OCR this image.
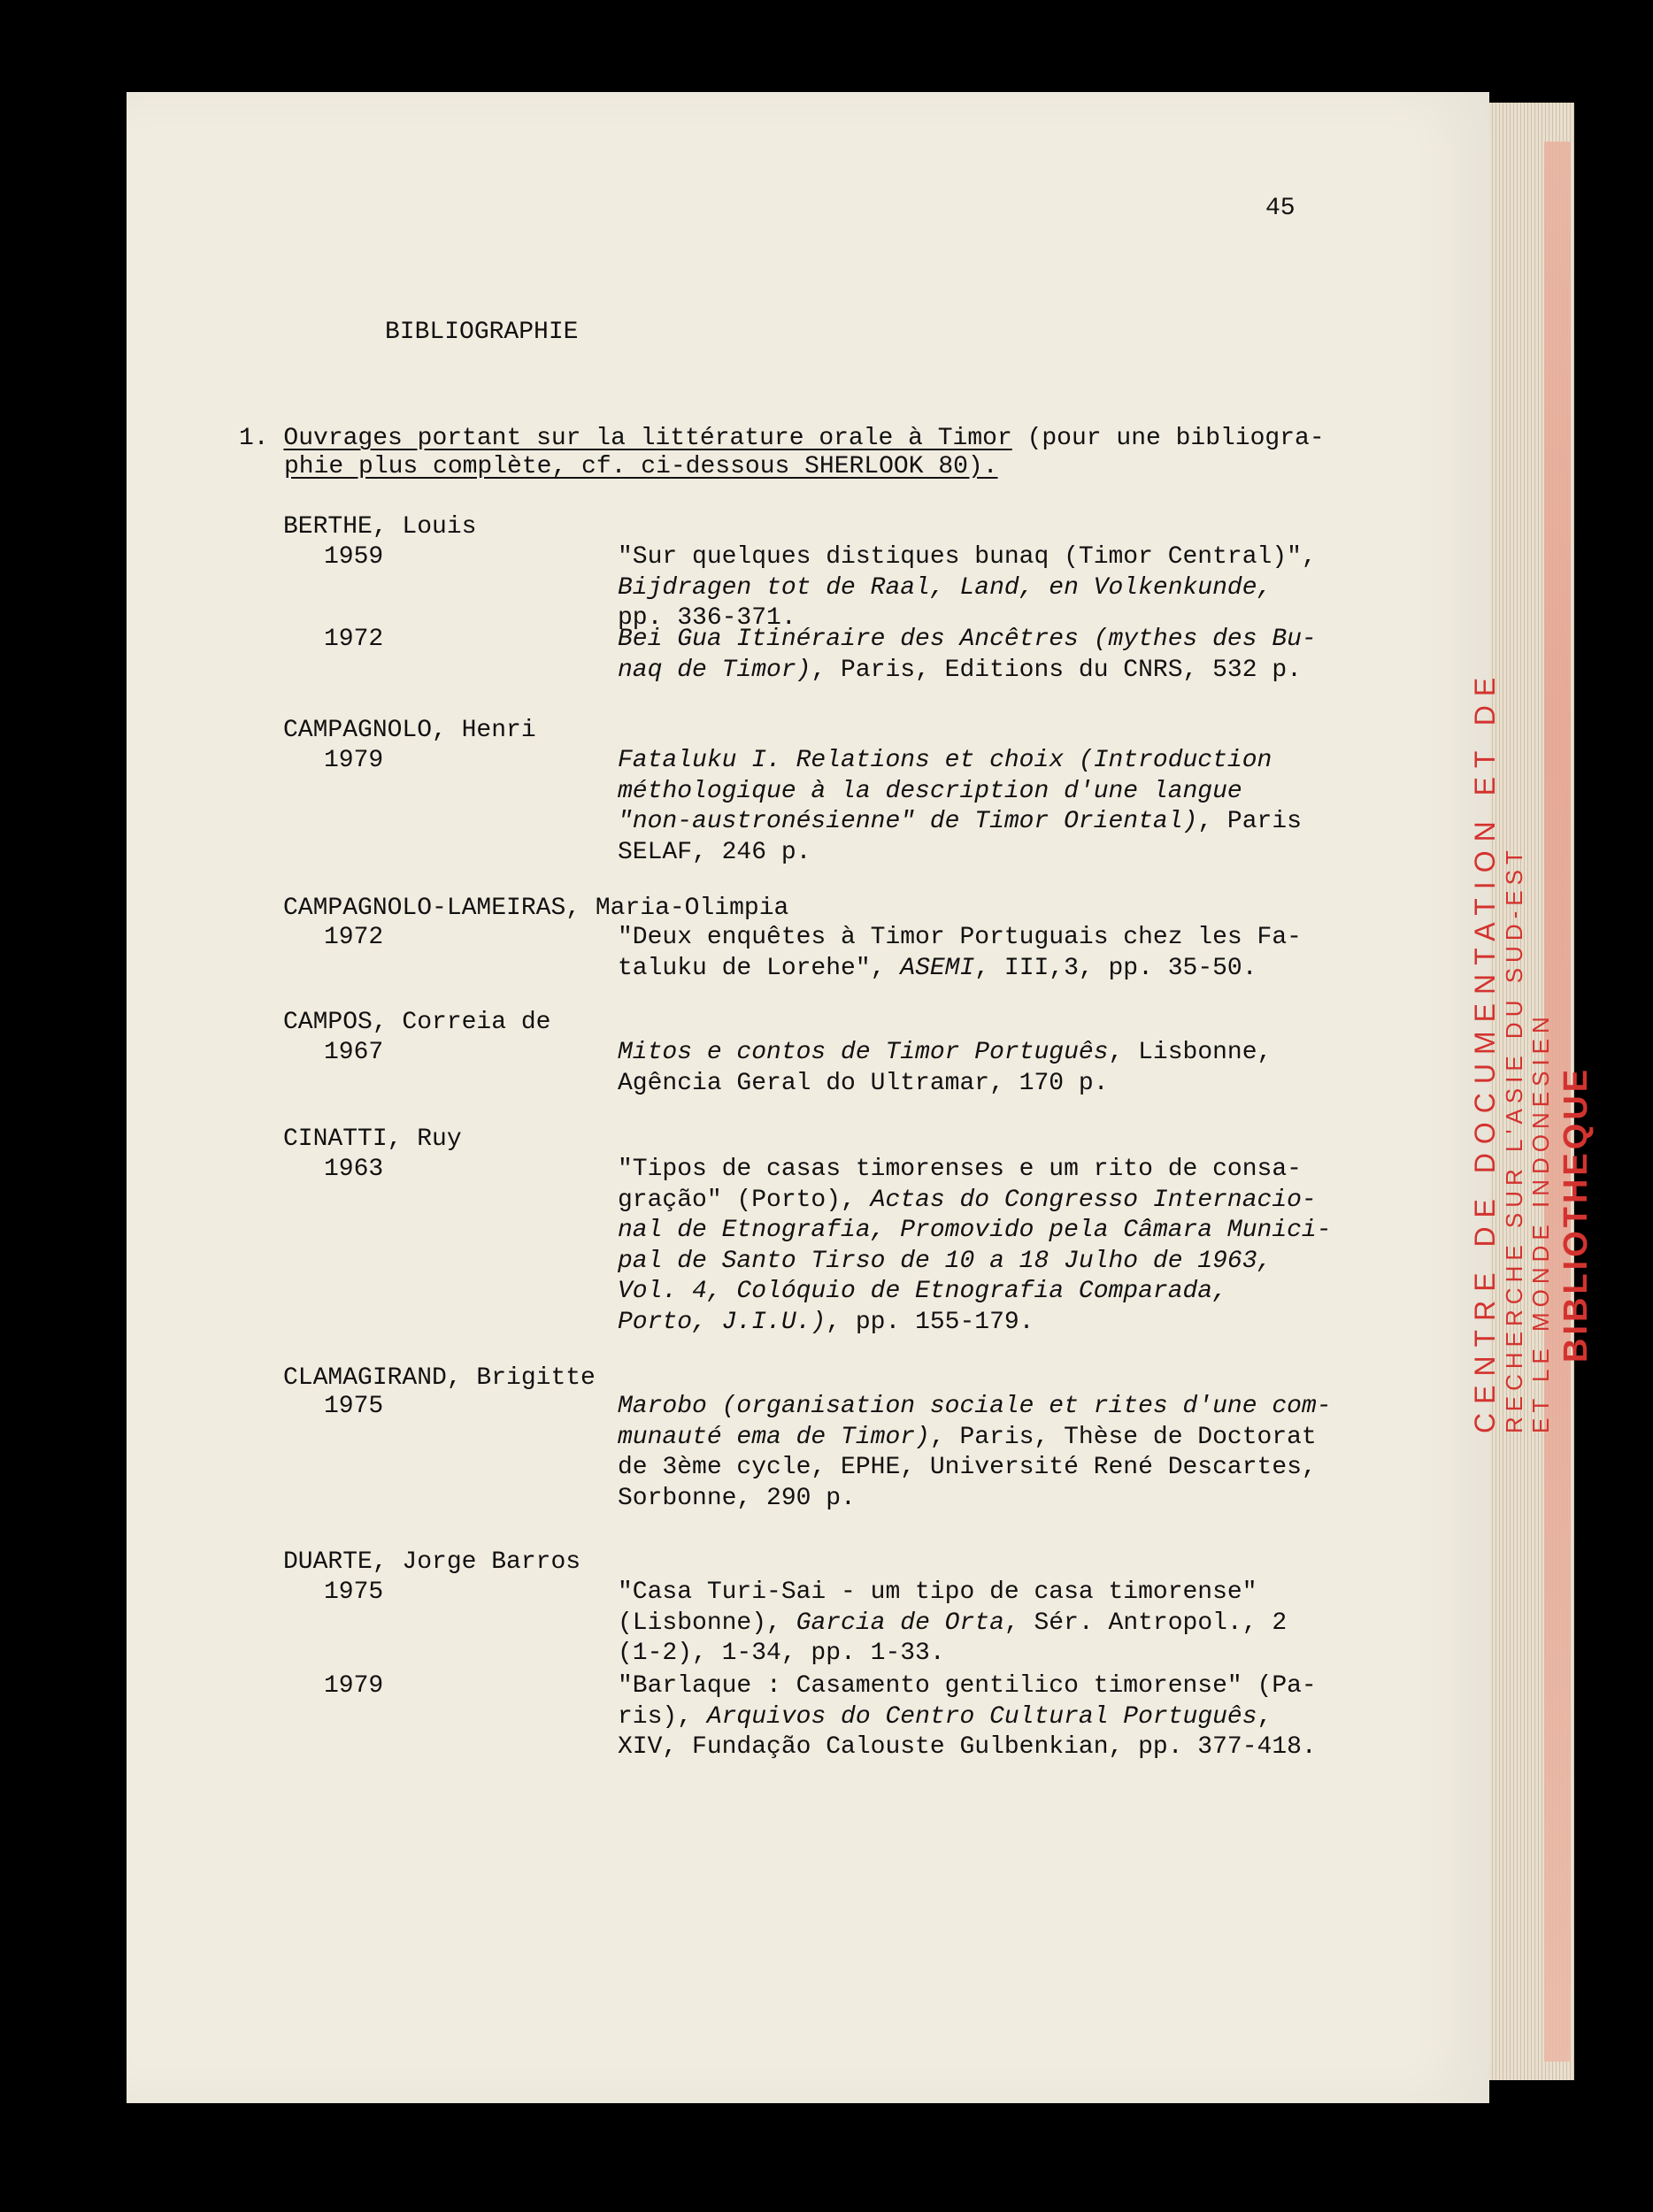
CENTRE DE DOCUMENTATION ET DE RECHERCHE SUR L'ASIE DU SUD-EST ET LE MONDE INDONESIEN BIBLIOTHEQUE
45
BIBLIOGRAPHIE
1. Ouvrages portant sur la littérature orale à Timor (pour une bibliogra-
phie plus complète, cf. ci-dessous SHERLOOK 80).
BERTHE, Louis
1959	"Sur quelques distiques bunaq (Timor Central)",
Bijdragen tot de Raal, Land, en Volkenkunde,
pp. 336-371.
1972	Bei Gua Itinéraire des Ancêtres (mythes des Bu-
naq de Timor), Paris, Editions du CNRS, 532 p.
CAMPAGNOLO, Henri
1979	Fataluku I. Relations et choix (Introduction
méthologique à la description d'une langue
"non-austronésienne" de Timor Oriental), Paris
SELAF, 246 p.
CAMPAGNOLO-LAMEIRAS, Maria-Olimpia
1972	"Deux enquêtes à Timor Portuguais chez les Fa-
taluku de Lorehe", ASEMI, III,3, pp. 35-50.
CAMPOS, Correia de
1967	Mitos e contos de Timor Português, Lisbonne,
Agência Geral do Ultramar, 170 p.
CINATTI, Ruy
1963	"Tipos de casas timorenses e um rito de consa-
gração" (Porto), Actas do Congresso Internacio-
nal de Etnografia, Promovido pela Câmara Munici-
pal de Santo Tirso de 10 a 18 Julho de 1963,
Vol. 4, Colóquio de Etnografia Comparada,
Porto, J.I.U.), pp. 155-179.
CLAMAGIRAND, Brigitte
1975	Marobo (organisation sociale et rites d'une com-
munauté ema de Timor), Paris, Thèse de Doctorat
de 3ème cycle, EPHE, Université René Descartes,
Sorbonne, 290 p.
DUARTE, Jorge Barros
1975	"Casa Turi-Sai - um tipo de casa timorense"
(Lisbonne), Garcia de Orta, Sér. Antropol., 2
(1-2), 1-34, pp. 1-33.
1979	"Barlaque : Casamento gentilico timorense" (Pa-
ris), Arquivos do Centro Cultural Português,
XIV, Fundação Calouste Gulbenkian, pp. 377-418.
